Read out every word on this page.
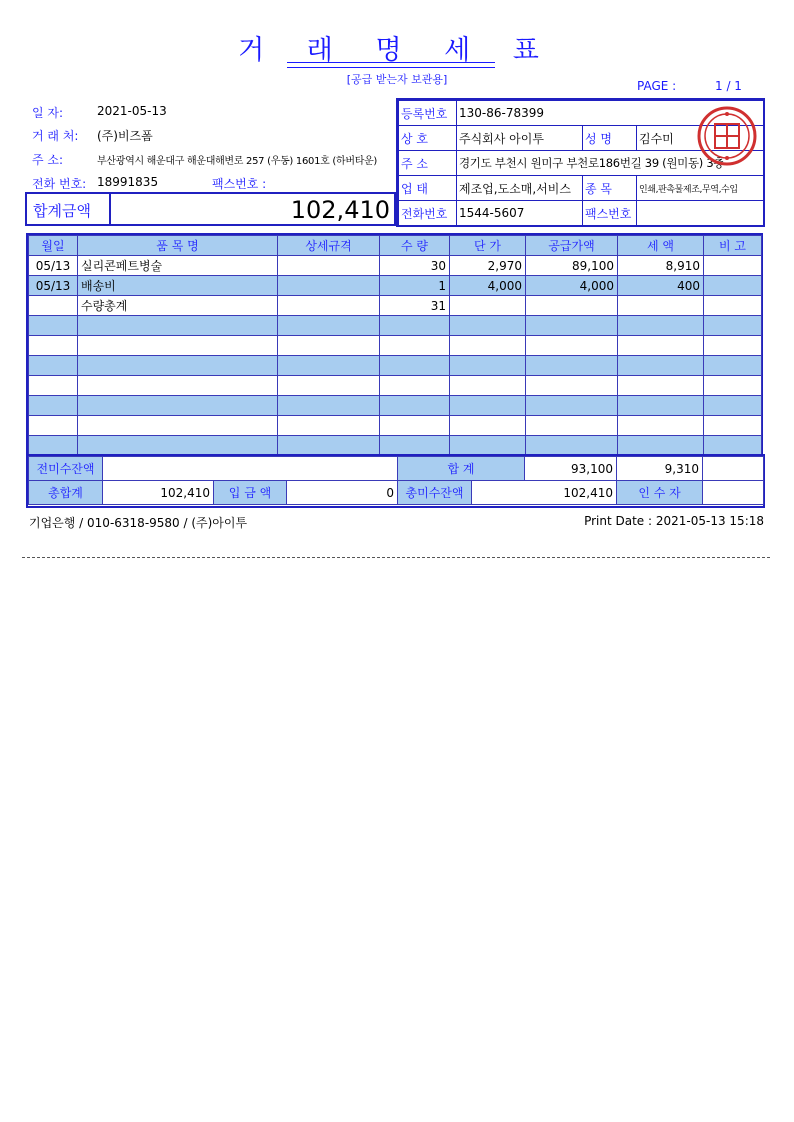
거 래 명 세 표
[공급 받는자 보관용]	PAGE :	1 / 1
일 자:	2021-05-13
거 래 처: (주)비즈폼
주 소:	부산광역시 해운대구 해운대해변로 257 (우동) 1601호 (하버타운)
전화 번호: 18991835	팩스번호 :
합계금액	102,410
등록번호	130-86-78399		
상 호	주식회사 아이투	성 명	김수미
주 소	경기도 부천시 원미구 부천로186번길 39 (원미동) 3층		
업 태	제조업,도소매,서비스	종 목	인쇄,판촉물제조,무역,수입
전화번호	1544-5607	팩스번호	
월일	품 목 명	상세규격	수 량	단 가	공급가액	세 액	비 고
05/13	실리콘페트병술		30	2,970	89,100	8,910	
05/13	배송비		1	4,000	4,000	400	
	수량총계		31				

전미수잔액				합 계		93,100	9,310	
총합계	102,410	입 금 액	0	총미수잔액	102,410		인 수 자	
기업은행 / 010-6318-9580 / (주)아이투	Print Date : 2021-05-13 15:18
